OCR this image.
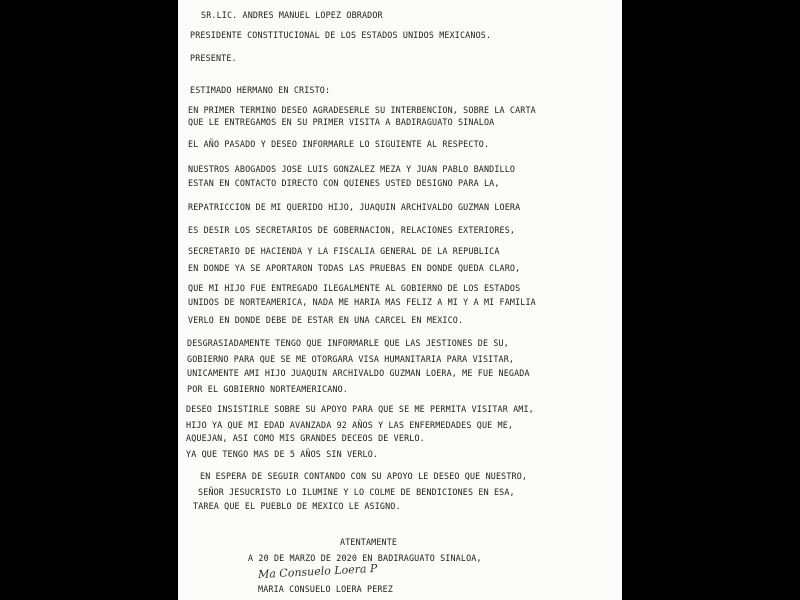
SR.LIC. ANDRES MANUEL LOPEZ OBRADOR
PRESIDENTE CONSTITUCIONAL DE LOS ESTADOS UNIDOS MEXICANOS.
PRESENTE.
ESTIMADO HERMANO EN CRISTO:
EN PRIMER TERMINO DESEO AGRADESERLE SU INTERBENCION, SOBRE LA CARTA
QUE LE ENTREGAMOS EN SU PRIMER VISITA A BADIRAGUATO SINALOA
EL AÑO PASADO Y DESEO INFORMARLE LO SIGUIENTE AL RESPECTO.
NUESTROS ABOGADOS JOSE LUIS GONZALEZ MEZA Y JUAN PABLO BANDILLO
ESTAN EN CONTACTO DIRECTO CON QUIENES USTED DESIGNO PARA LA,
REPATRICCION DE MI QUERIDO HIJO, JUAQUIN ARCHIVALDO GUZMAN LOERA
ES DESIR LOS SECRETARIOS DE GOBERNACION, RELACIONES EXTERIORES,
SECRETARIO DE HACIENDA Y LA FISCALIA GENERAL DE LA REPUBLICA
EN DONDE YA SE APORTARON TODAS LAS PRUEBAS EN DONDE QUEDA CLARO,
QUE MI HIJO FUE ENTREGADO ILEGALMENTE AL GOBIERNO DE LOS ESTADOS
UNIDOS DE NORTEAMERICA, NADA ME HARIA MAS FELIZ A MI Y A MI FAMILIA
VERLO EN DONDE DEBE DE ESTAR EN UNA CARCEL EN MEXICO.
DESGRASIADAMENTE TENGO QUE INFORMARLE QUE LAS JESTIONES DE SU,
GOBIERNO PARA QUE SE ME OTORGARA VISA HUMANITARIA PARA VISITAR,
UNICAMENTE AMI HIJO JUAQUIN ARCHIVALDO GUZMAN LOERA, ME FUE NEGADA
POR EL GOBIERNO NORTEAMERICANO.
DESEO INSISTIRLE SOBRE SU APOYO PARA QUE SE ME PERMITA VISITAR AMI,
HIJO YA QUE MI EDAD AVANZADA 92 AÑOS Y LAS ENFERMEDADES QUE ME,
AQUEJAN, ASI COMO MIS GRANDES DECEOS DE VERLO.
YA QUE TENGO MAS DE 5 AÑOS SIN VERLO.
EN ESPERA DE SEGUIR CONTANDO CON SU APOYO LE DESEO QUE NUESTRO,
SEÑOR JESUCRISTO LO ILUMINE Y LO COLME DE BENDICIONES EN ESA,
TAREA QUE EL PUEBLO DE MEXICO LE ASIGNO.
ATENTAMENTE
A 20 DE MARZO DE 2020 EN BADIRAGUATO SINALOA,
Ma Consuelo Loera P
MARIA CONSUELO LOERA PEREZ
